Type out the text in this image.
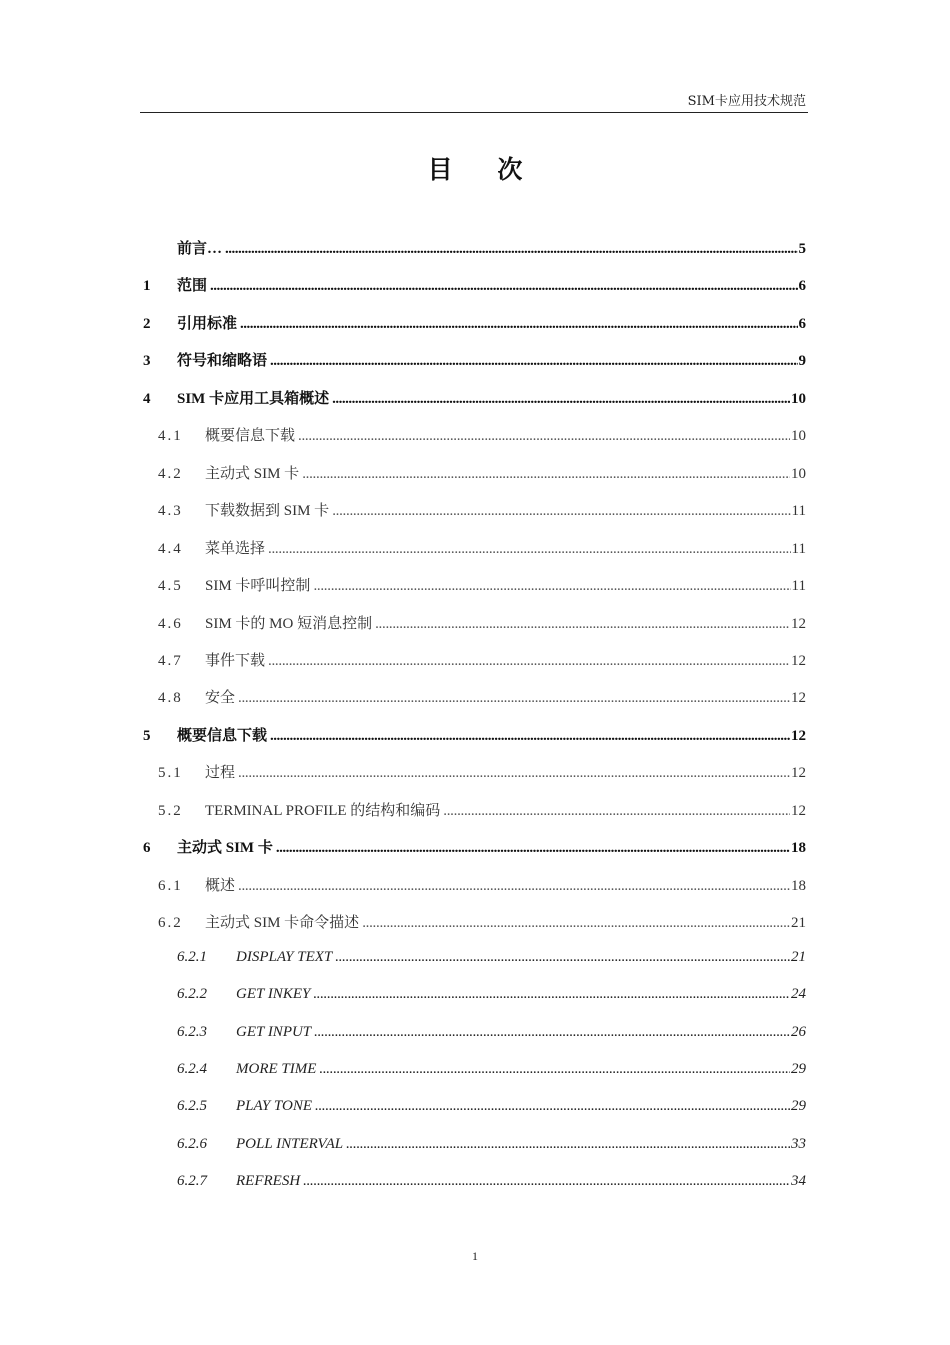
SIM卡应用技术规范
目 次
前言… .....	5
1	范围 .....	6
2	引用标准 .....	6
3	符号和缩略语 .....	9
4	SIM 卡应用工具箱概述 .....	10
4.1	概要信息下载 .....	10
4.2	主动式 SIM 卡 .....	10
4.3	下载数据到 SIM 卡 .....	11
4.4	菜单选择 .....	11
4.5	SIM 卡呼叫控制 .....	11
4.6	SIM 卡的 MO 短消息控制 .....	12
4.7	事件下载 .....	12
4.8	安全 .....	12
5	概要信息下载 .....	12
5.1	过程 .....	12
5.2	TERMINAL PROFILE 的结构和编码 .....	12
6	主动式 SIM 卡 .....	18
6.1	概述 .....	18
6.2	主动式 SIM 卡命令描述 .....	21
6.2.1	DISPLAY TEXT .....	21
6.2.2	GET INKEY .....	24
6.2.3	GET INPUT .....	26
6.2.4	MORE TIME .....	29
6.2.5	PLAY TONE .....	29
6.2.6	POLL INTERVAL .....	33
6.2.7	REFRESH .....	34
1
